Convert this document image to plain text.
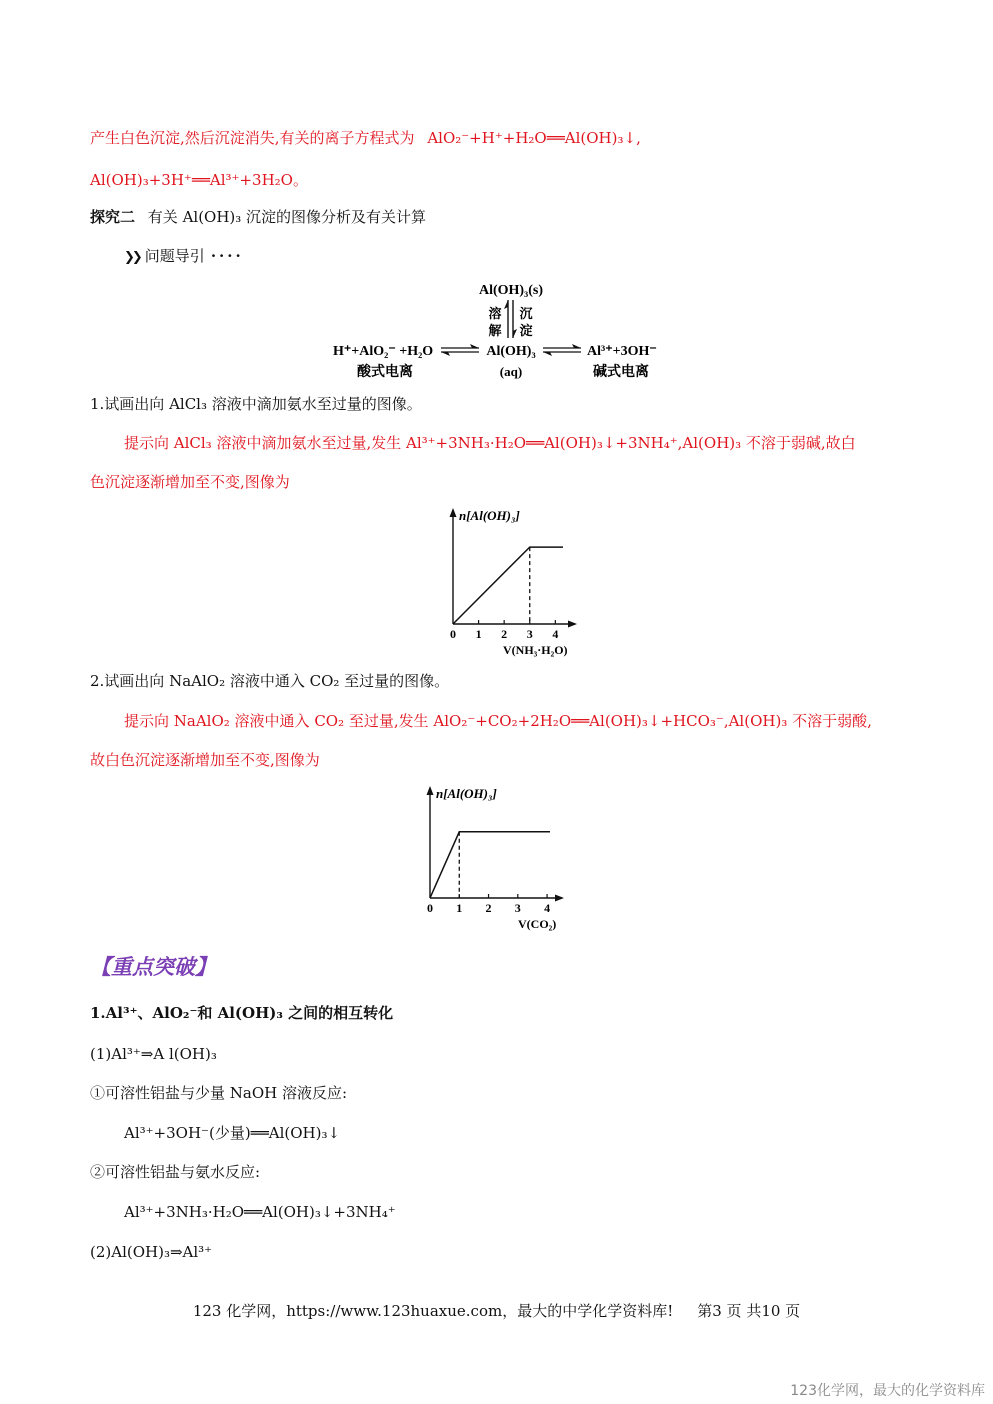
产生白色沉淀,然后沉淀消失,有关的离子方程式为 AlO₂⁻+H⁺+H₂O══Al(OH)₃↓,
Al(OH)₃+3H⁺══Al³⁺+3H₂O。
探究二 有关 Al(OH)₃ 沉淀的图像分析及有关计算
❯❯ 问题导引 ····
Al(OH)₃(s)
溶
解
沉
淀
H⁺+AlO₂⁻ +H₂O	Al(OH)₃	Al³⁺+3OH⁻
酸式电离	(aq)	碱式电离
1.试画出向 AlCl₃ 溶液中滴加氨水至过量的图像。
提示向 AlCl₃ 溶液中滴加氨水至过量,发生 Al³⁺+3NH₃·H₂O══Al(OH)₃↓+3NH₄⁺,Al(OH)₃ 不溶于弱碱,故白
色沉淀逐渐增加至不变,图像为
0 1 2 3 4
n[Al(OH)₃]
V(NH₃·H₂O)
2.试画出向 NaAlO₂ 溶液中通入 CO₂ 至过量的图像。
提示向 NaAlO₂ 溶液中通入 CO₂ 至过量,发生 AlO₂⁻+CO₂+2H₂O══Al(OH)₃↓+HCO₃⁻,Al(OH)₃ 不溶于弱酸,
故白色沉淀逐渐增加至不变,图像为
0 1 2 3 4
n[Al(OH)₃]
V(CO₂)
【重点突破】
1.Al³⁺、AlO₂⁻和 Al(OH)₃ 之间的相互转化
(1)Al³⁺⇒A l(OH)₃
①可溶性铝盐与少量 NaOH 溶液反应:
Al³⁺+3OH⁻(少量)══Al(OH)₃↓
②可溶性铝盐与氨水反应:
Al³⁺+3NH₃·H₂O══Al(OH)₃↓+3NH₄⁺
(2)Al(OH)₃⇒Al³⁺
123 化学网，https://www.123huaxue.com，最大的中学化学资料库! 第3 页 共10 页
123化学网，最大的化学资料库
